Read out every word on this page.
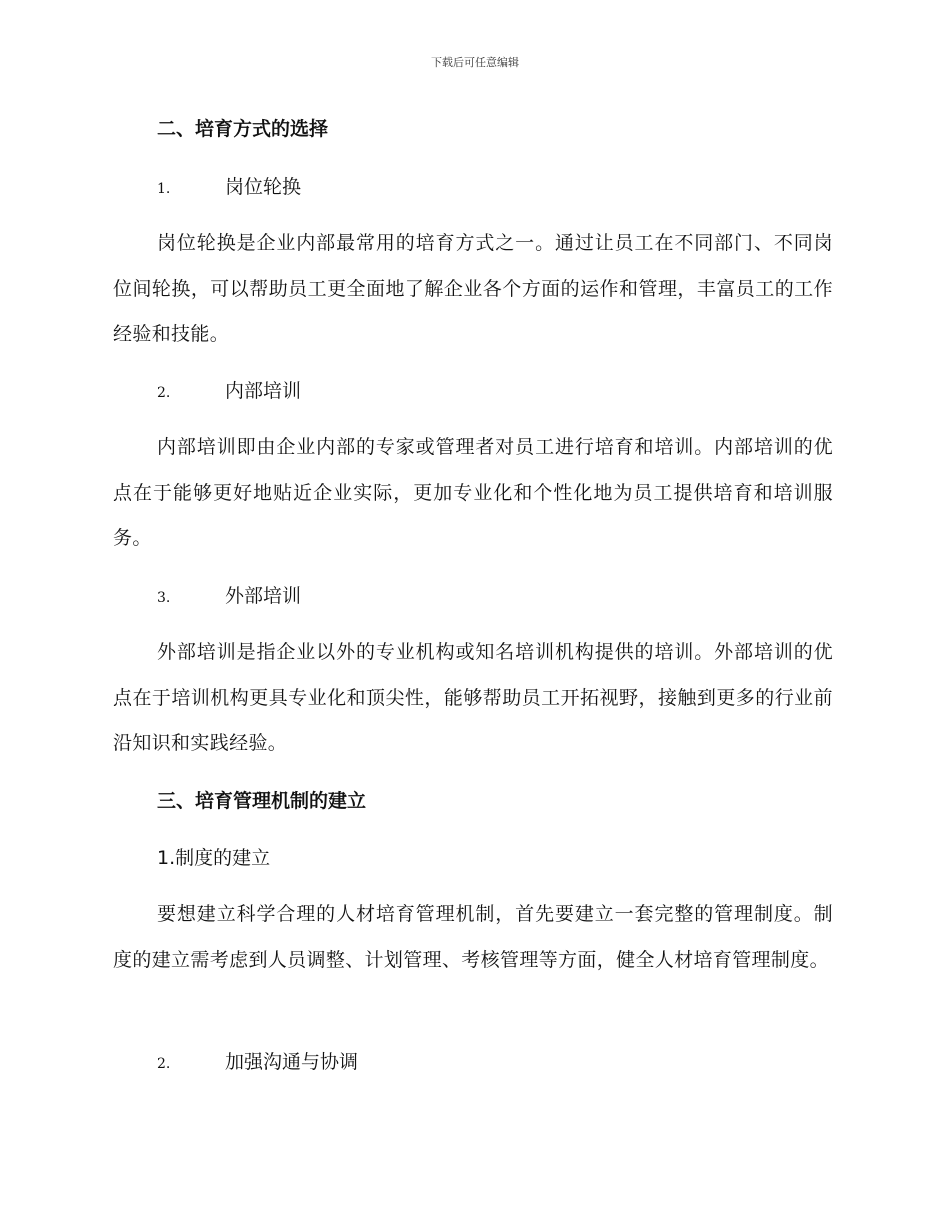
下载后可任意编辑
二、培育方式的选择
1.	岗位轮换
岗位轮换是企业内部最常用的培育方式之一。通过让员工在不同部门、不同岗位间轮换，可以帮助员工更全面地了解企业各个方面的运作和管理，丰富员工的工作经验和技能。
2.	内部培训
内部培训即由企业内部的专家或管理者对员工进行培育和培训。内部培训的优点在于能够更好地贴近企业实际，更加专业化和个性化地为员工提供培育和培训服务。
3.	外部培训
外部培训是指企业以外的专业机构或知名培训机构提供的培训。外部培训的优点在于培训机构更具专业化和顶尖性，能够帮助员工开拓视野，接触到更多的行业前沿知识和实践经验。
三、培育管理机制的建立
1.制度的建立
要想建立科学合理的人材培育管理机制，首先要建立一套完整的管理制度。制度的建立需考虑到人员调整、计划管理、考核管理等方面，健全人材培育管理制度。
2.	加强沟通与协调
